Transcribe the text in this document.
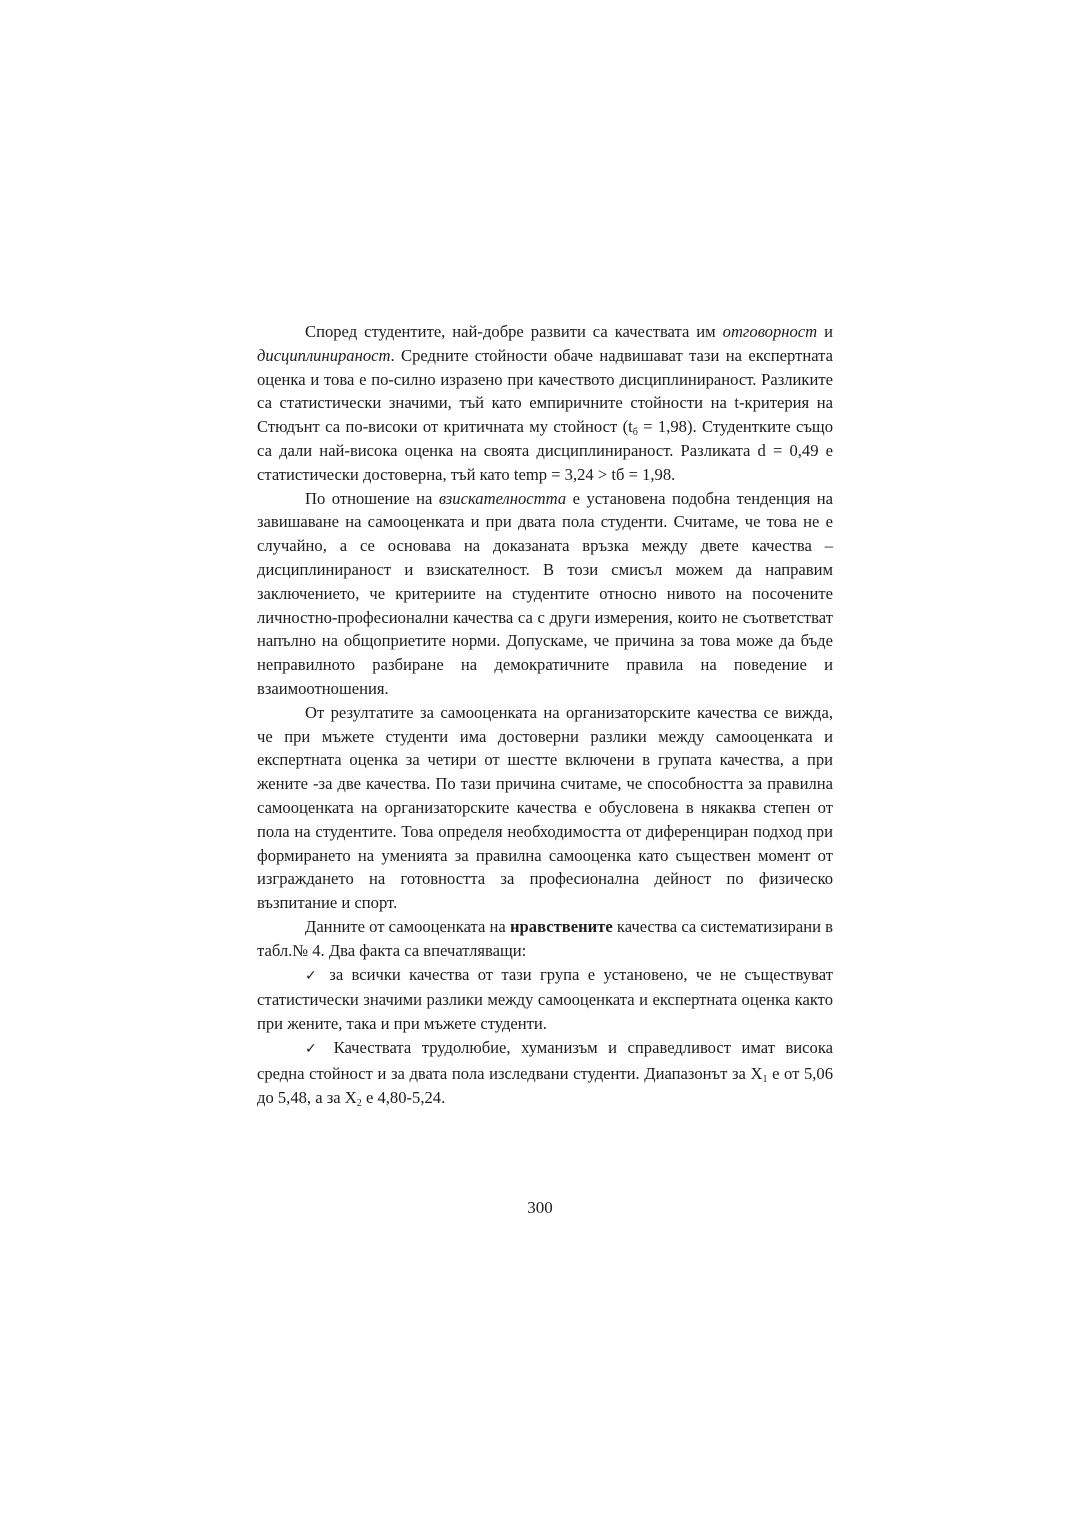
Според студентите, най-добре развити са качествата им отговорност и дисциплинираност. Средните стойности обаче надвишават тази на експертната оценка и това е по-силно изразено при качеството дисциплинираност. Разликите са статистически значими, тъй като емпиричните стойности на t-критерия на Стюдънт са по-високи от критичната му стойност $(t_б = 1,98)$. Студентките също са дали най-висока оценка на своята дисциплинираност. Разликата d = 0,49 е статистически достоверна, тъй като temp = 3,24 > tб = 1,98.

По отношение на взискателността е установена подобна тенденция на завишаване на самооценката и при двата пола студенти. Считаме, че това не е случайно, а се основава на доказаната връзка между двете качества – дисциплинираност и взискателност. В този смисъл можем да направим заключението, че критериите на студентите относно нивото на посочените личностно-професионални качества са с други измерения, които не съответстват напълно на общоприетите норми. Допускаме, че причина за това може да бъде неправилното разбиране на демократичните правила на поведение и взаимоотношения.

От резултатите за самооценката на организаторските качества се вижда, че при мъжете студенти има достоверни разлики между самооценката и експертната оценка за четири от шестте включени в групата качества, а при жените -за две качества. По тази причина считаме, че способността за правилна самооценката на организаторските качества е обусловена в някаква степен от пола на студентите. Това определя необходимостта от диференциран подход при формирането на уменията за правилна самооценка като съществен момент от изграждането на готовността за професионална дейност по физическо възпитание и спорт.

Данните от самооценката на нравствените качества са систематизирани в табл.№ 4. Два факта са впечатляващи:

✓ за всички качества от тази група е установено, че не съществуват статистически значими разлики между самооценката и експертната оценка както при жените, така и при мъжете студенти.

✓ Качествата трудолюбие, хуманизъм и справедливост имат висока средна стойност и за двата пола изследвани студенти. Диапазонът за $X_1$ е от 5,06 до 5,48, а за $X_2$ е 4,80-5,24.

300
